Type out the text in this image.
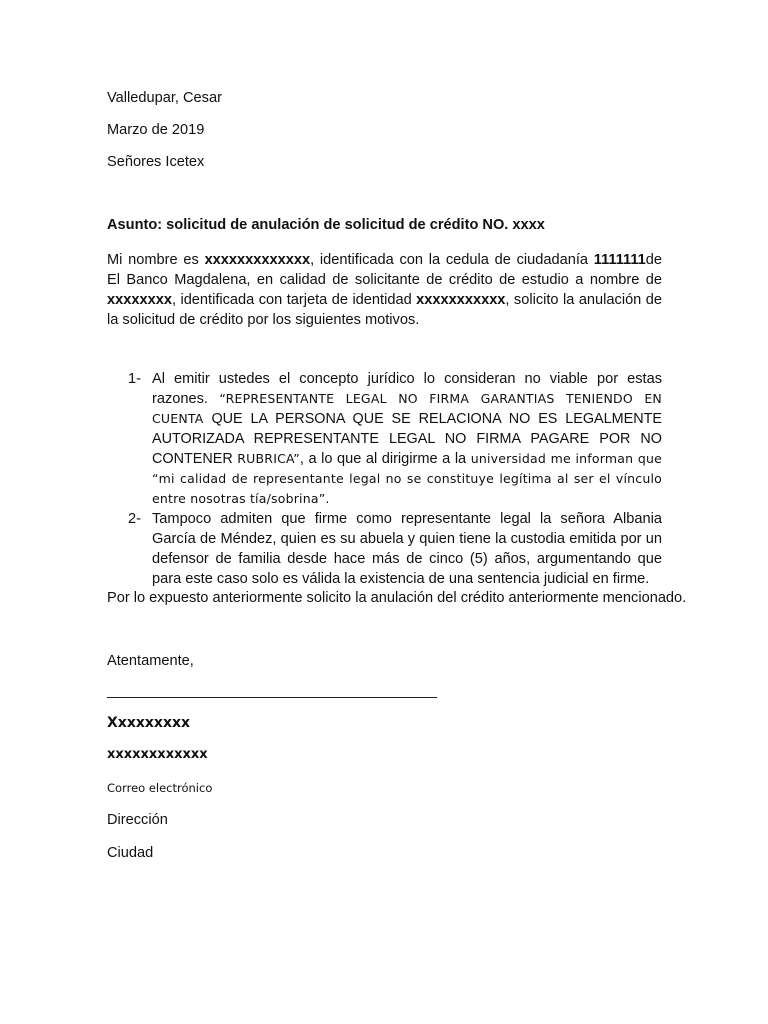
Valledupar, Cesar
Marzo de 2019
Señores Icetex
Asunto: solicitud de anulación de solicitud de crédito NO. xxxx
Mi nombre es xxxxxxxxxxxxx, identificada con la cedula de ciudadanía 1111111de El Banco Magdalena, en calidad de solicitante de crédito de estudio a nombre de xxxxxxxx, identificada con tarjeta de identidad xxxxxxxxxxx, solicito la anulación de la solicitud de crédito por los siguientes motivos.
1- Al emitir ustedes el concepto jurídico lo consideran no viable por estas razones. “REPRESENTANTE LEGAL NO FIRMA GARANTIAS TENIENDO EN CUENTA QUE LA PERSONA QUE SE RELACIONA NO ES LEGALMENTE AUTORIZADA REPRESENTANTE LEGAL NO FIRMA PAGARE POR NO CONTENER RUBRICA”, a lo que al dirigirme a la universidad me informan que “mi calidad de representante legal no se constituye legítima al ser el vínculo entre nosotras tía/sobrina”.
2- Tampoco admiten que firme como representante legal la señora Albania García de Méndez, quien es su abuela y quien tiene la custodia emitida por un defensor de familia desde hace más de cinco (5) años, argumentando que para este caso solo es válida la existencia de una sentencia judicial en firme.
Por lo expuesto anteriormente solicito la anulación del crédito anteriormente mencionado.
Atentamente,
Xxxxxxxxx
xxxxxxxxxxxx
Correo electrónico
Dirección
Ciudad
